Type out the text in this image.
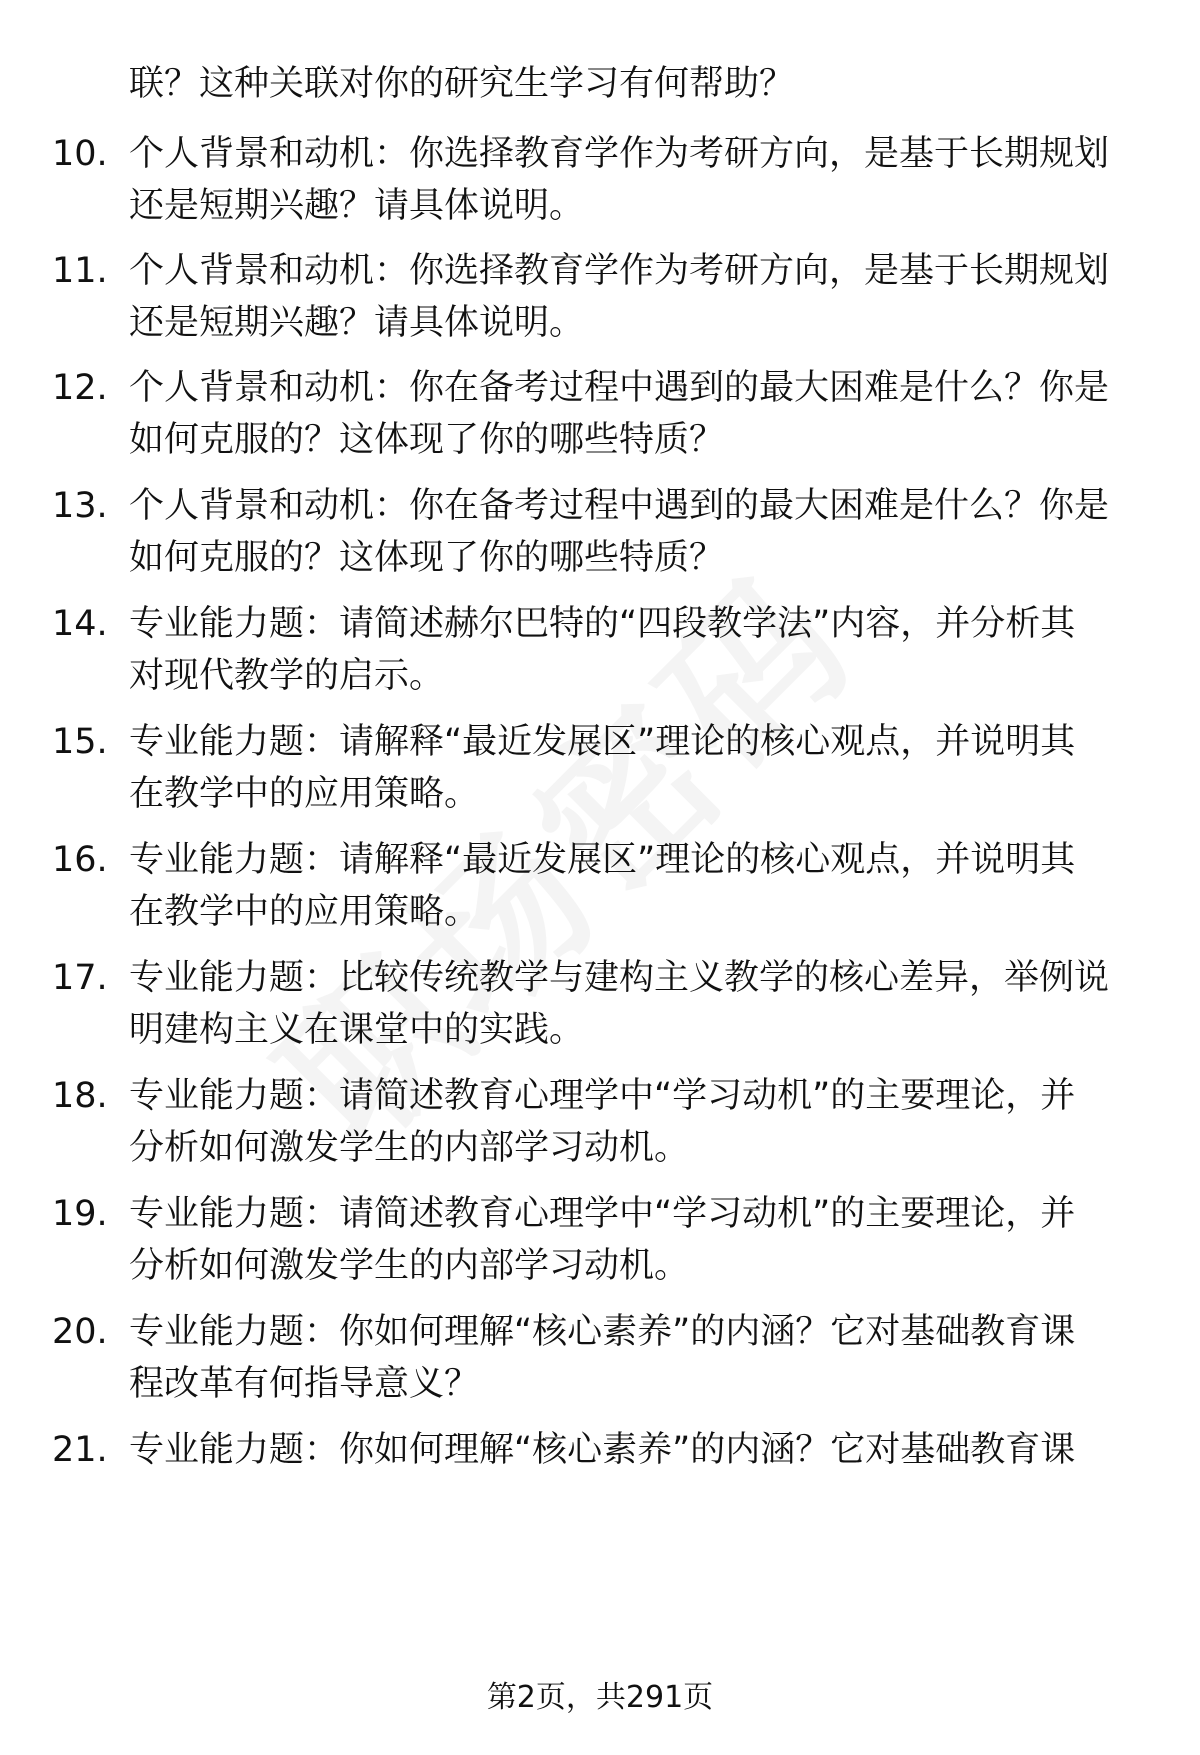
联？这种关联对你的研究生学习有何帮助？
10. 个人背景和动机：你选择教育学作为考研方向，是基于长期规划
还是短期兴趣？请具体说明。
11. 个人背景和动机：你选择教育学作为考研方向，是基于长期规划
还是短期兴趣？请具体说明。
12. 个人背景和动机：你在备考过程中遇到的最大困难是什么？你是
如何克服的？这体现了你的哪些特质？
13. 个人背景和动机：你在备考过程中遇到的最大困难是什么？你是
如何克服的？这体现了你的哪些特质？
14. 专业能力题：请简述赫尔巴特的“四段教学法”内容，并分析其
对现代教学的启示。
15. 专业能力题：请解释“最近发展区”理论的核心观点，并说明其
在教学中的应用策略。
16. 专业能力题：请解释“最近发展区”理论的核心观点，并说明其
在教学中的应用策略。
17. 专业能力题：比较传统教学与建构主义教学的核心差异，举例说
明建构主义在课堂中的实践。
18. 专业能力题：请简述教育心理学中“学习动机”的主要理论，并
分析如何激发学生的内部学习动机。
19. 专业能力题：请简述教育心理学中“学习动机”的主要理论，并
分析如何激发学生的内部学习动机。
20. 专业能力题：你如何理解“核心素养”的内涵？它对基础教育课
程改革有何指导意义？
21. 专业能力题：你如何理解“核心素养”的内涵？它对基础教育课
第2页，共291页
